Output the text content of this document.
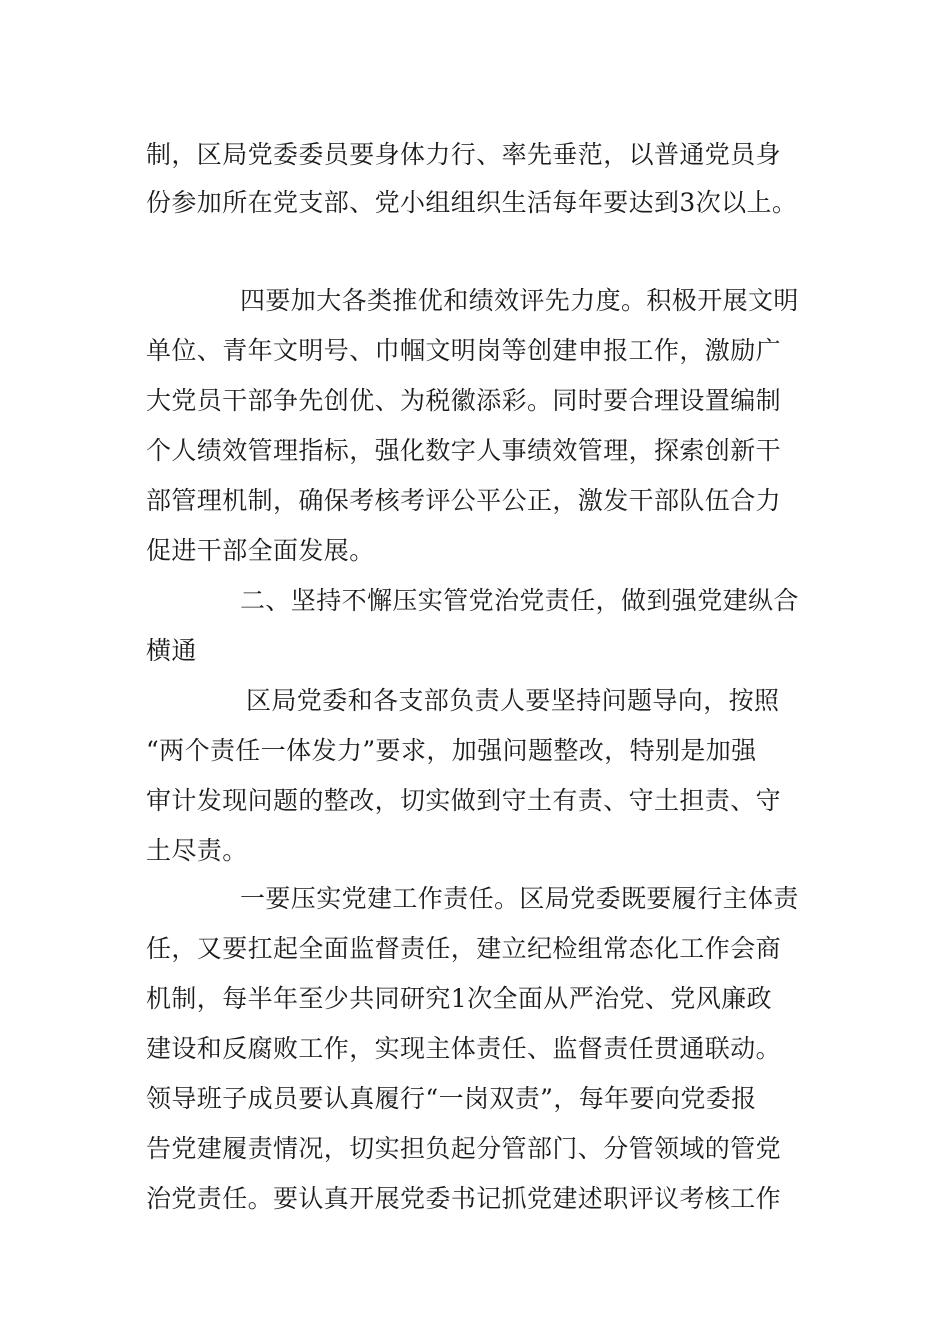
制，区局党委委员要身体力行、率先垂范，以普通党员身

份参加所在党支部、党小组组织生活每年要达到3次以上。

四要加大各类推优和绩效评先力度。积极开展文明

单位、青年文明号、巾帼文明岗等创建申报工作，激励广

大党员干部争先创优、为税徽添彩。同时要合理设置编制

个人绩效管理指标，强化数字人事绩效管理，探索创新干

部管理机制，确保考核考评公平公正，激发干部队伍合力

促进干部全面发展。

二、坚持不懈压实管党治党责任，做到强党建纵合

横通

区局党委和各支部负责人要坚持问题导向，按照

“两个责任一体发力”要求，加强问题整改，特别是加强

审计发现问题的整改，切实做到守土有责、守土担责、守

土尽责。

一要压实党建工作责任。区局党委既要履行主体责

任，又要扛起全面监督责任，建立纪检组常态化工作会商

机制，每半年至少共同研究1次全面从严治党、党风廉政

建设和反腐败工作，实现主体责任、监督责任贯通联动。

领导班子成员要认真履行“一岗双责”，每年要向党委报

告党建履责情况，切实担负起分管部门、分管领域的管党

治党责任。要认真开展党委书记抓党建述职评议考核工作
